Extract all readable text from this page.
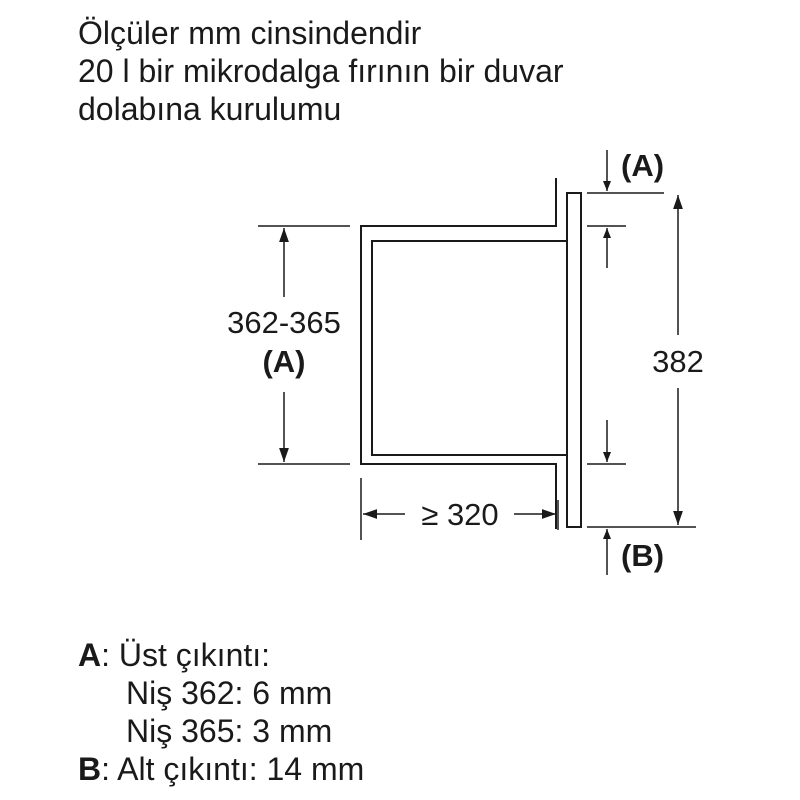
Ölçüler mm cinsindendir
20 l bir mikrodalga fırının bir duvar
dolabına kurulumu
362-365
(A)
≥ 320
(A)
(B)
382
A: Üst çıkıntı:
Niş 362: 6 mm
Niş 365: 3 mm
B: Alt çıkıntı: 14 mm
